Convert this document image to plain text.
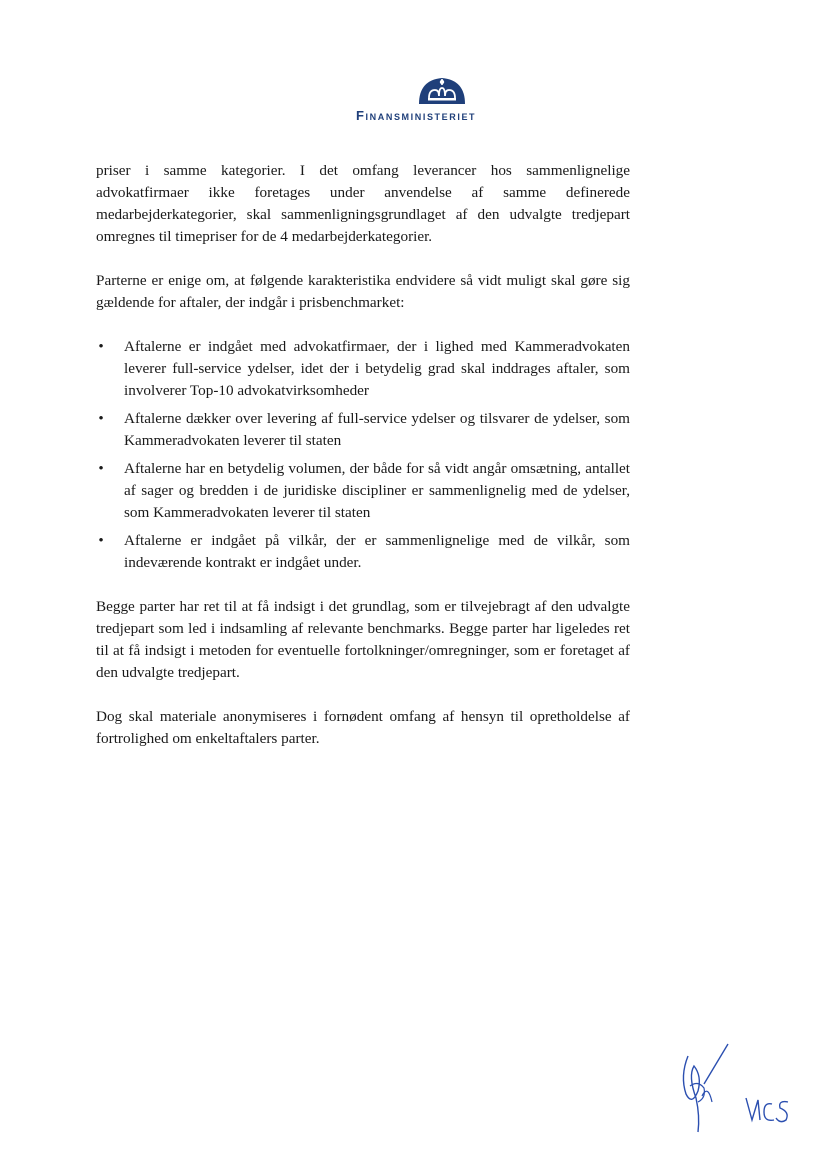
Finansministeriet

priser i samme kategorier. I det omfang leverancer hos sammenlignelige advokatfirmaer ikke foretages under anvendelse af samme definerede medarbejderkategorier, skal sammenligningsgrundlaget af den udvalgte tredjepart omregnes til timepriser for de 4 medarbejderkategorier.

Parterne er enige om, at følgende karakteristika endvidere så vidt muligt skal gøre sig gældende for aftaler, der indgår i prisbenchmarket:

• Aftalerne er indgået med advokatfirmaer, der i lighed med Kammeradvokaten leverer full-service ydelser, idet der i betydelig grad skal inddrages aftaler, som involverer Top-10 advokatvirksomheder
• Aftalerne dækker over levering af full-service ydelser og tilsvarer de ydelser, som Kammeradvokaten leverer til staten
• Aftalerne har en betydelig volumen, der både for så vidt angår omsætning, antallet af sager og bredden i de juridiske discipliner er sammenlignelig med de ydelser, som Kammeradvokaten leverer til staten
• Aftalerne er indgået på vilkår, der er sammenlignelige med de vilkår, som indeværende kontrakt er indgået under.

Begge parter har ret til at få indsigt i det grundlag, som er tilvejebragt af den udvalgte tredjepart som led i indsamling af relevante benchmarks. Begge parter har ligeledes ret til at få indsigt i metoden for eventuelle fortolkninger/omregninger, som er foretaget af den udvalgte tredjepart.

Dog skal materiale anonymiseres i fornødent omfang af hensyn til opretholdelse af fortrolighed om enkeltaftalers parter.
